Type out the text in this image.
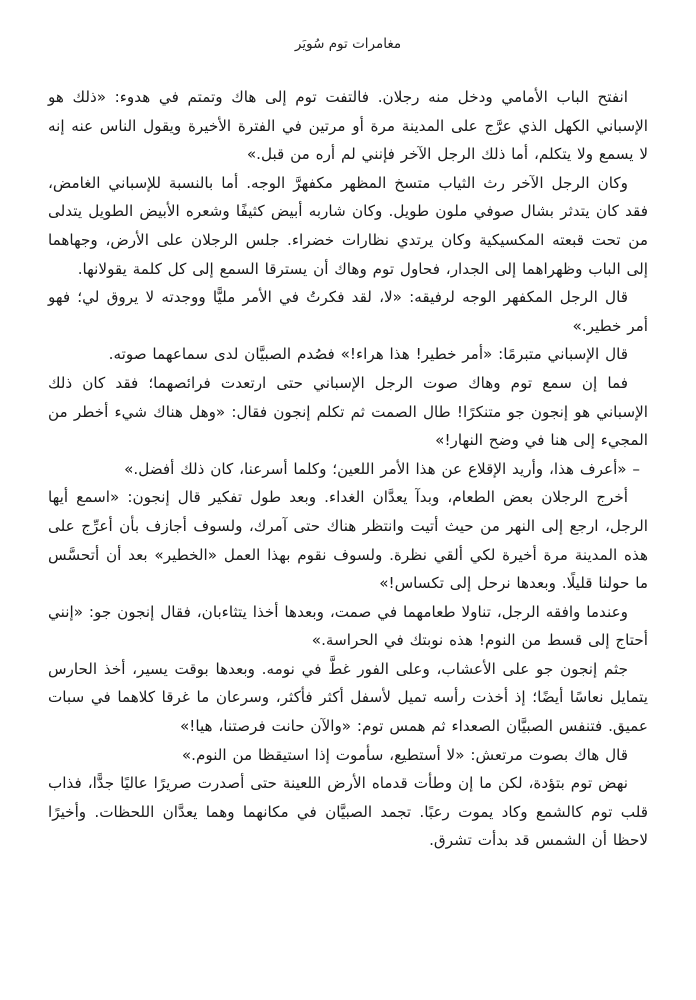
مغامرات توم سُويَر

انفتح الباب الأمامي ودخل منه رجلان. فالتفت توم إلى هاك وتمتم في هدوء: «ذلك هو الإسباني الكهل الذي عرَّج على المدينة مرة أو مرتين في الفترة الأخيرة ويقول الناس عنه إنه لا يسمع ولا يتكلم، أما ذلك الرجل الآخر فإنني لم أره من قبل.»

وكان الرجل الآخر رث الثياب متسخ المظهر مكفهرَّ الوجه. أما بالنسبة للإسباني الغامض، فقد كان يتدثر بشال صوفي ملون طويل. وكان شاربه أبيض كثيفًا وشعره الأبيض الطويل يتدلى من تحت قبعته المكسيكية وكان يرتدي نظارات خضراء. جلس الرجلان على الأرض، وجهاهما إلى الباب وظهراهما إلى الجدار، فحاول توم وهاك أن يسترقا السمع إلى كل كلمة يقولانها.

قال الرجل المكفهر الوجه لرفيقه: «لا، لقد فكرتُ في الأمر مليًّا ووجدته لا يروق لي؛ فهو أمر خطير.»

قال الإسباني متبرمًا: «أمر خطير! هذا هراء!» فصُدم الصبيَّان لدى سماعهما صوته.

فما إن سمع توم وهاك صوت الرجل الإسباني حتى ارتعدت فرائصهما؛ فقد كان ذلك الإسباني هو إنجون جو متنكرًا! طال الصمت ثم تكلم إنجون فقال: «وهل هناك شيء أخطر من المجيء إلى هنا في وضح النهار!»

– «أعرف هذا، وأريد الإقلاع عن هذا الأمر اللعين؛ وكلما أسرعنا، كان ذلك أفضل.»

أخرج الرجلان بعض الطعام، وبدآ يعدَّان الغداء. وبعد طول تفكير قال إنجون: «اسمع أيها الرجل، ارجع إلى النهر من حيث أتيت وانتظر هناك حتى آمرك، ولسوف أجازف بأن أعرِّج على هذه المدينة مرة أخيرة لكي ألقي نظرة. ولسوف نقوم بهذا العمل «الخطير» بعد أن أتحسَّس ما حولنا قليلًا. وبعدها نرحل إلى تكساس!»

وعندما وافقه الرجل، تناولا طعامهما في صمت، وبعدها أخذا يتثاءبان، فقال إنجون جو: «إنني أحتاج إلى قسط من النوم! هذه نوبتك في الحراسة.»

جثم إنجون جو على الأعشاب، وعلى الفور غطَّ في نومه. وبعدها بوقت يسير، أخذ الحارس يتمايل نعاسًا أيضًا؛ إذ أخذت رأسه تميل لأسفل أكثر فأكثر، وسرعان ما غرقا كلاهما في سبات عميق. فتنفس الصبيَّان الصعداء ثم همس توم: «والآن حانت فرصتنا، هيا!»

قال هاك بصوت مرتعش: «لا أستطيع، سأموت إذا استيقظا من النوم.»

نهض توم بتؤدة، لكن ما إن وطأت قدماه الأرض اللعينة حتى أصدرت صريرًا عاليًا جدًّا، فذاب قلب توم كالشمع وكاد يموت رعبًا. تجمد الصبيَّان في مكانهما وهما يعدَّان اللحظات. وأخيرًا لاحظا أن الشمس قد بدأت تشرق.
